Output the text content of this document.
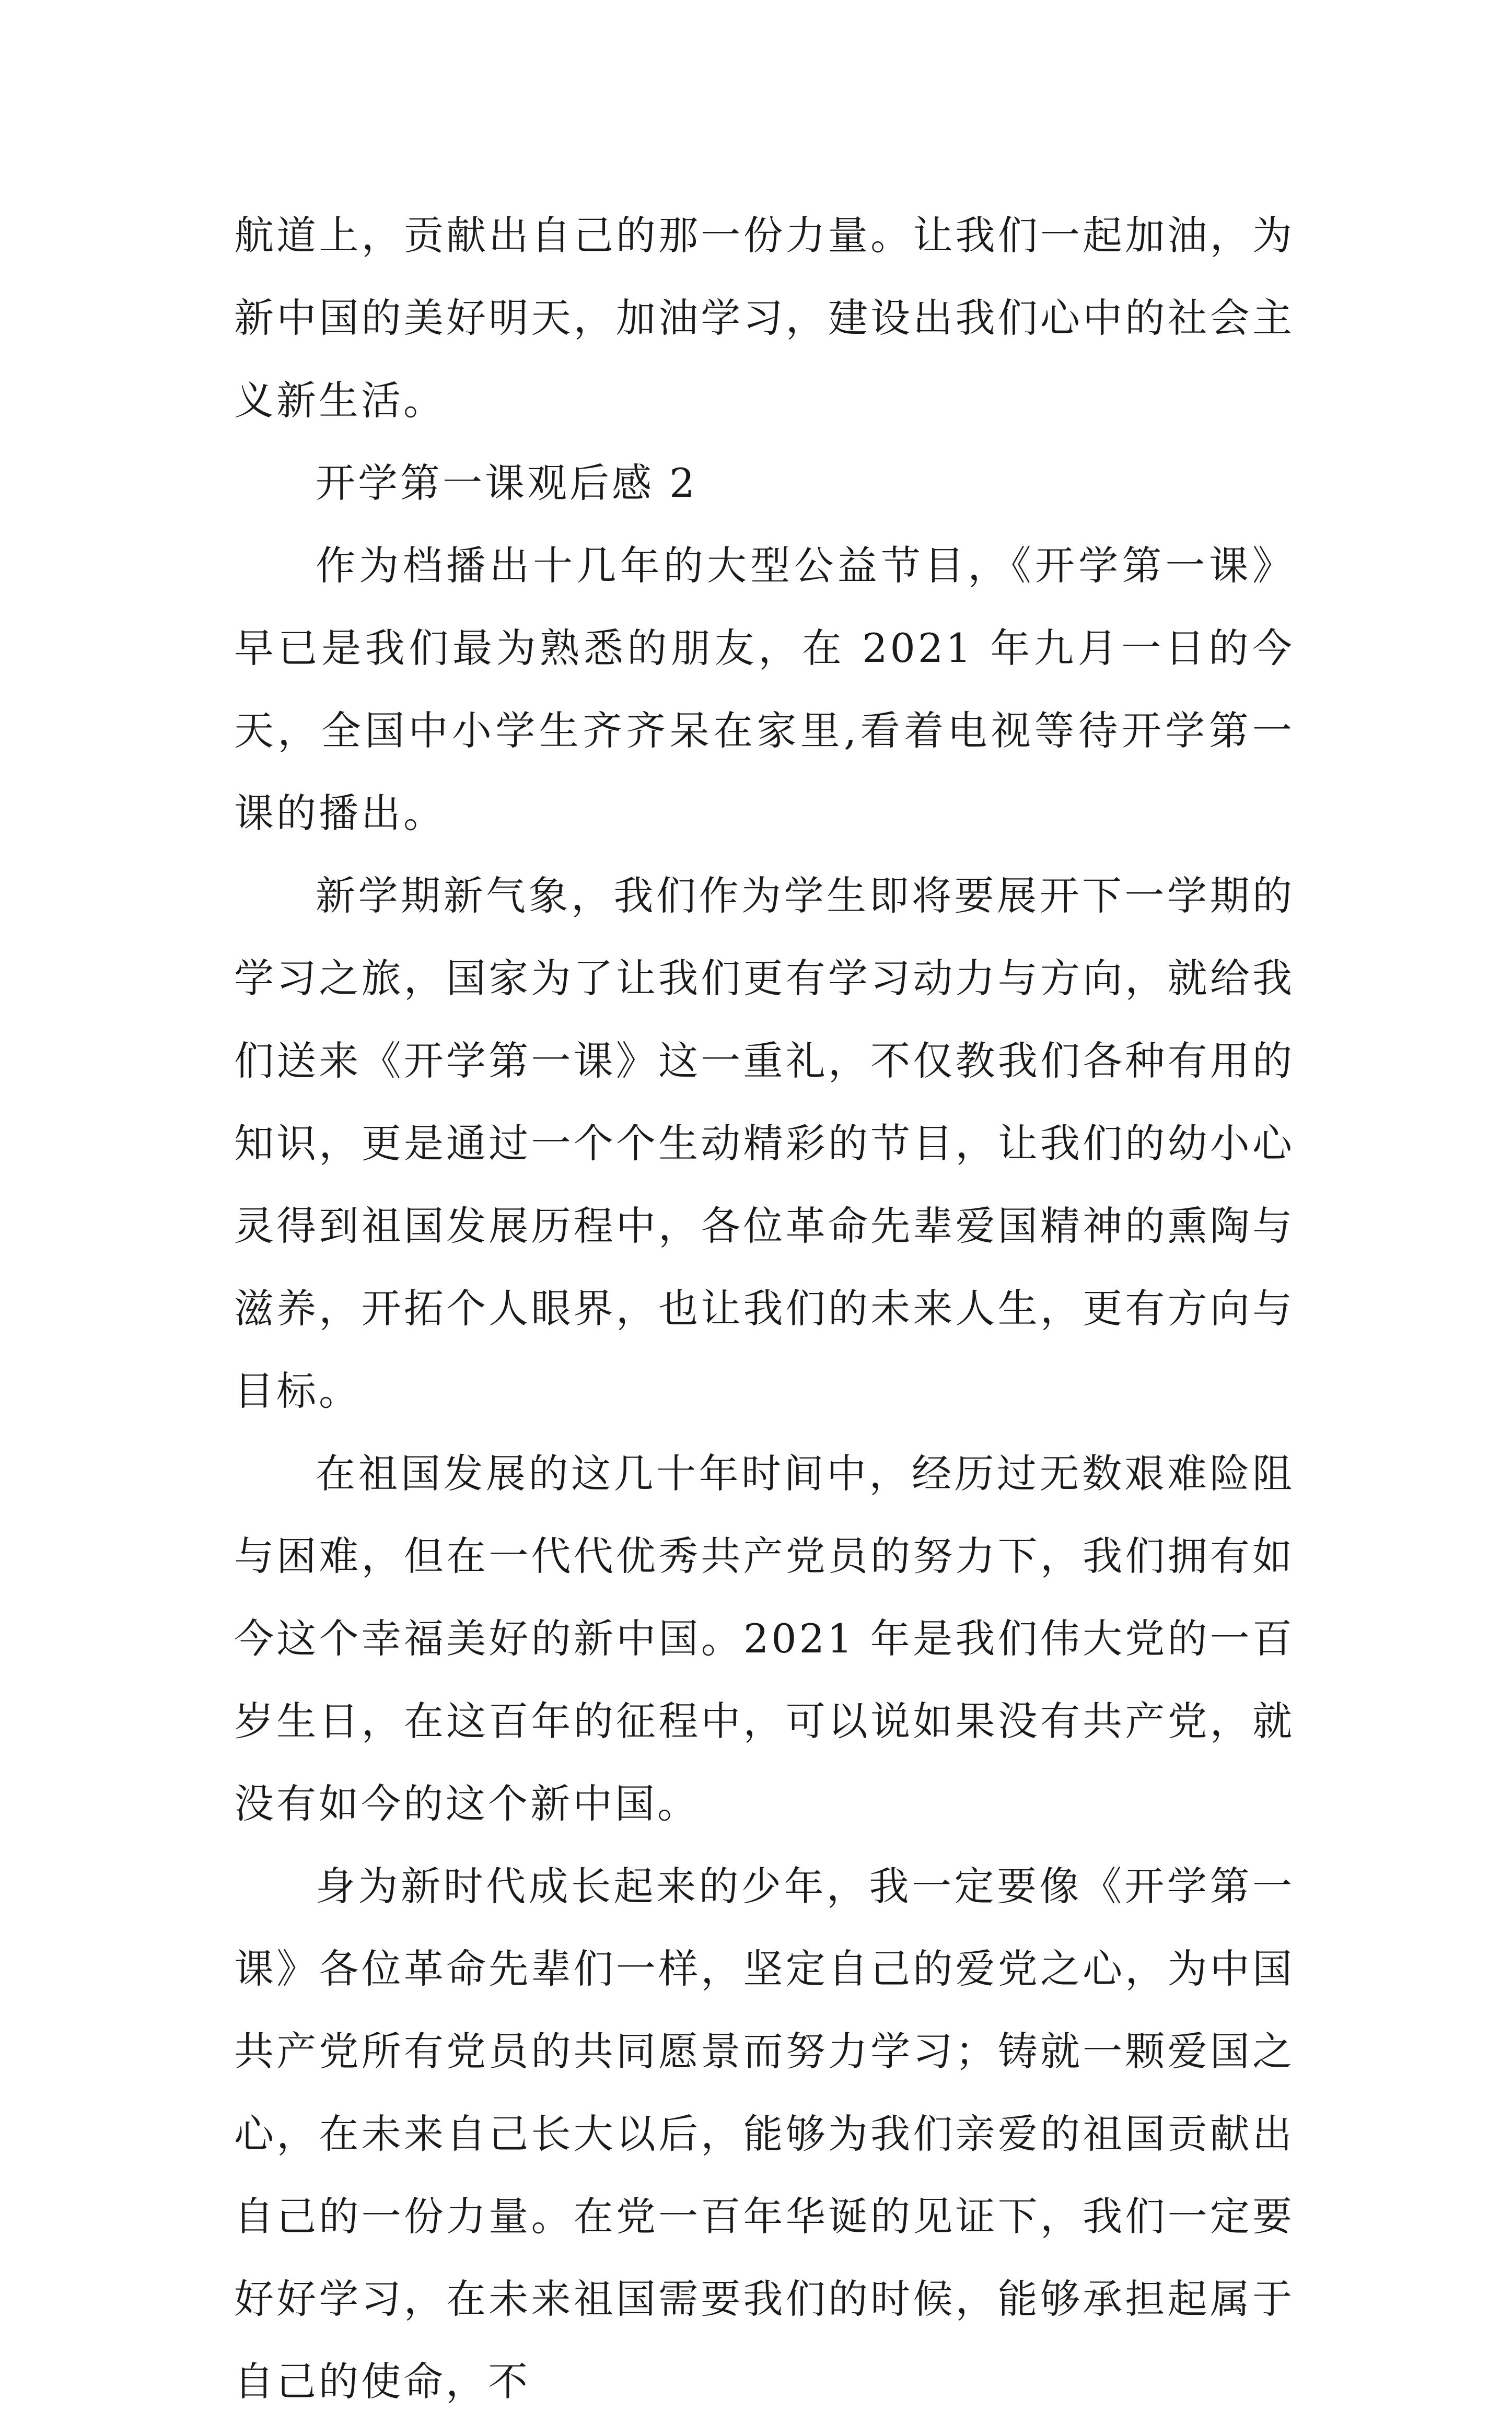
航道上，贡献出自己的那一份力量。让我们一起加油，为新中国的美好明天，加油学习，建设出我们心中的社会主义新生活。

开学第一课观后感 2

作为档播出十几年的大型公益节目，《开学第一课》早已是我们最为熟悉的朋友，在 2021 年九月一日的今天，全国中小学生齐齐呆在家里,看着电视等待开学第一课的播出。

新学期新气象，我们作为学生即将要展开下一学期的学习之旅，国家为了让我们更有学习动力与方向，就给我们送来《开学第一课》这一重礼，不仅教我们各种有用的知识，更是通过一个个生动精彩的节目，让我们的幼小心灵得到祖国发展历程中，各位革命先辈爱国精神的熏陶与滋养，开拓个人眼界，也让我们的未来人生，更有方向与目标。

在祖国发展的这几十年时间中，经历过无数艰难险阻与困难，但在一代代优秀共产党员的努力下，我们拥有如今这个幸福美好的新中国。2021 年是我们伟大党的一百岁生日，在这百年的征程中，可以说如果没有共产党，就没有如今的这个新中国。

身为新时代成长起来的少年，我一定要像《开学第一课》各位革命先辈们一样，坚定自己的爱党之心，为中国共产党所有党员的共同愿景而努力学习；铸就一颗爱国之心，在未来自己长大以后，能够为我们亲爱的祖国贡献出自己的一份力量。在党一百年华诞的见证下，我们一定要好好学习，在未来祖国需要我们的时候，能够承担起属于自己的使命，不
